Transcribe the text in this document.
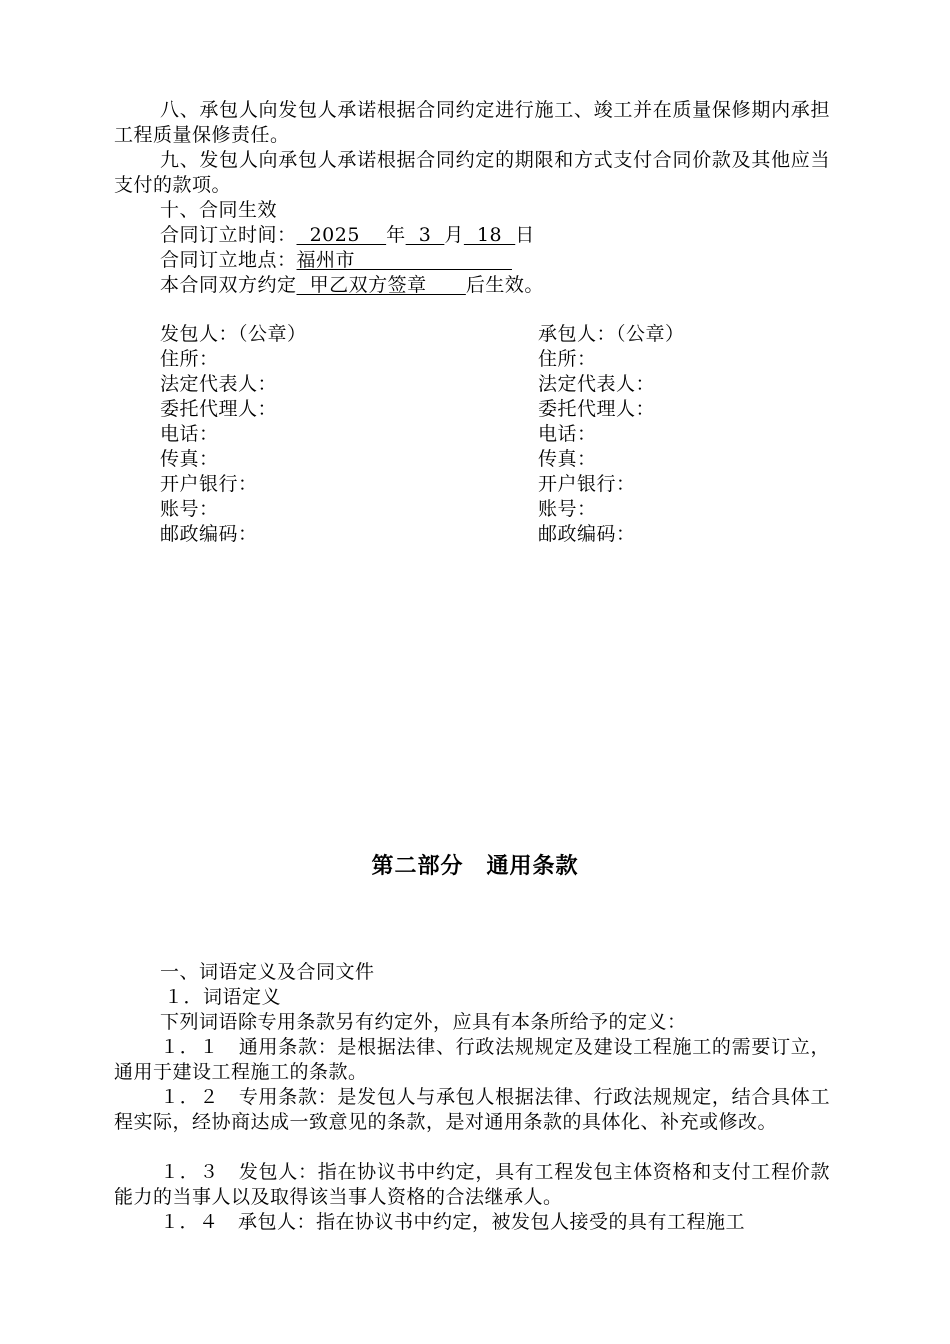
八、承包人向发包人承诺根据合同约定进行施工、竣工并在质量保修期内承担工程质量保修责任。
九、发包人向承包人承诺根据合同约定的期限和方式支付合同价款及其他应当支付的款项。
十、合同生效
合同订立时间：  2025    年  3  月  18  日
合同订立地点：福州市
本合同双方约定  甲乙双方签章      后生效。
发包人：（公章）
住所：
法定代表人：
委托代理人：
电话：
传真：
开户银行：
账号：
邮政编码：
承包人：（公章）
住所：
法定代表人：
委托代理人：
电话：
传真：
开户银行：
账号：
邮政编码：
第二部分　通用条款
一、词语定义及合同文件
１．词语定义
下列词语除专用条款另有约定外，应具有本条所给予的定义：
１．１　通用条款：是根据法律、行政法规规定及建设工程施工的需要订立，通用于建设工程施工的条款。
１．２　专用条款：是发包人与承包人根据法律、行政法规规定，结合具体工程实际，经协商达成一致意见的条款，是对通用条款的具体化、补充或修改。
１．３　发包人：指在协议书中约定，具有工程发包主体资格和支付工程价款能力的当事人以及取得该当事人资格的合法继承人。
１．４　承包人：指在协议书中约定，被发包人接受的具有工程施工
